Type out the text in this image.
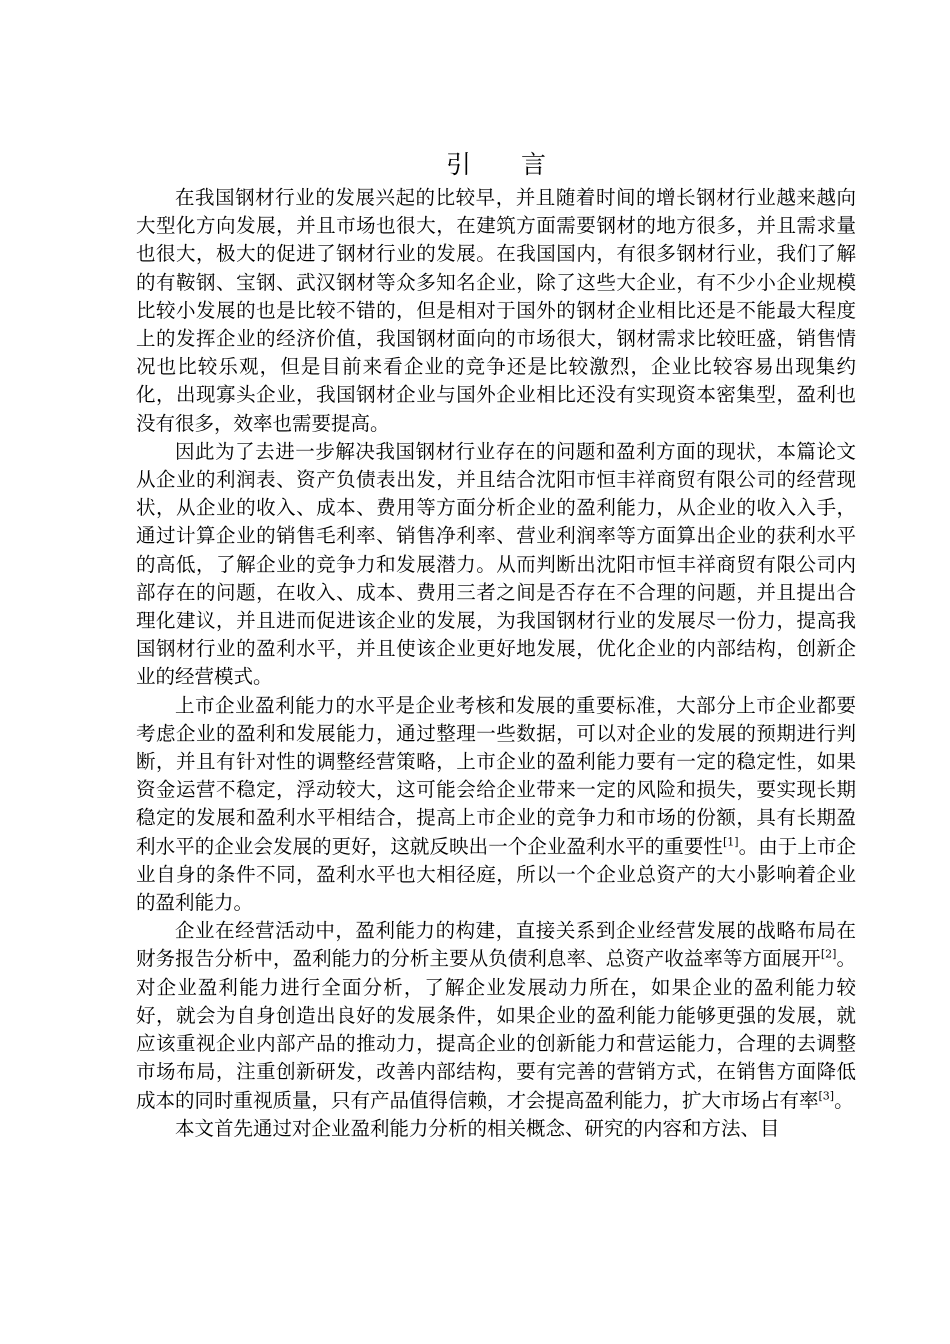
引言

在我国钢材行业的发展兴起的比较早，并且随着时间的增长钢材行业越来越向大型化方向发展，并且市场也很大，在建筑方面需要钢材的地方很多，并且需求量也很大，极大的促进了钢材行业的发展。在我国国内，有很多钢材行业，我们了解的有鞍钢、宝钢、武汉钢材等众多知名企业，除了这些大企业，有不少小企业规模比较小发展的也是比较不错的，但是相对于国外的钢材企业相比还是不能最大程度上的发挥企业的经济价值，我国钢材面向的市场很大，钢材需求比较旺盛，销售情况也比较乐观，但是目前来看企业的竞争还是比较激烈，企业比较容易出现集约化，出现寡头企业，我国钢材企业与国外企业相比还没有实现资本密集型，盈利也没有很多，效率也需要提高。

因此为了去进一步解决我国钢材行业存在的问题和盈利方面的现状，本篇论文从企业的利润表、资产负债表出发，并且结合沈阳市恒丰祥商贸有限公司的经营现状，从企业的收入、成本、费用等方面分析企业的盈利能力，从企业的收入入手，通过计算企业的销售毛利率、销售净利率、营业利润率等方面算出企业的获利水平的高低，了解企业的竞争力和发展潜力。从而判断出沈阳市恒丰祥商贸有限公司内部存在的问题，在收入、成本、费用三者之间是否存在不合理的问题，并且提出合理化建议，并且进而促进该企业的发展，为我国钢材行业的发展尽一份力，提高我国钢材行业的盈利水平，并且使该企业更好地发展，优化企业的内部结构，创新企业的经营模式。

上市企业盈利能力的水平是企业考核和发展的重要标准，大部分上市企业都要考虑企业的盈利和发展能力，通过整理一些数据，可以对企业的发展的预期进行判断，并且有针对性的调整经营策略，上市企业的盈利能力要有一定的稳定性，如果资金运营不稳定，浮动较大，这可能会给企业带来一定的风险和损失，要实现长期稳定的发展和盈利水平相结合，提高上市企业的竞争力和市场的份额，具有长期盈利水平的企业会发展的更好，这就反映出一个企业盈利水平的重要性[1]。由于上市企业自身的条件不同，盈利水平也大相径庭，所以一个企业总资产的大小影响着企业的盈利能力。

企业在经营活动中，盈利能力的构建，直接关系到企业经营发展的战略布局在财务报告分析中，盈利能力的分析主要从负债利息率、总资产收益率等方面展开[2]。对企业盈利能力进行全面分析，了解企业发展动力所在，如果企业的盈利能力较好，就会为自身创造出良好的发展条件，如果企业的盈利能力能够更强的发展，就应该重视企业内部产品的推动力，提高企业的创新能力和营运能力，合理的去调整市场布局，注重创新研发，改善内部结构，要有完善的营销方式，在销售方面降低成本的同时重视质量，只有产品值得信赖，才会提高盈利能力，扩大市场占有率[3]。

本文首先通过对企业盈利能力分析的相关概念、研究的内容和方法、目
